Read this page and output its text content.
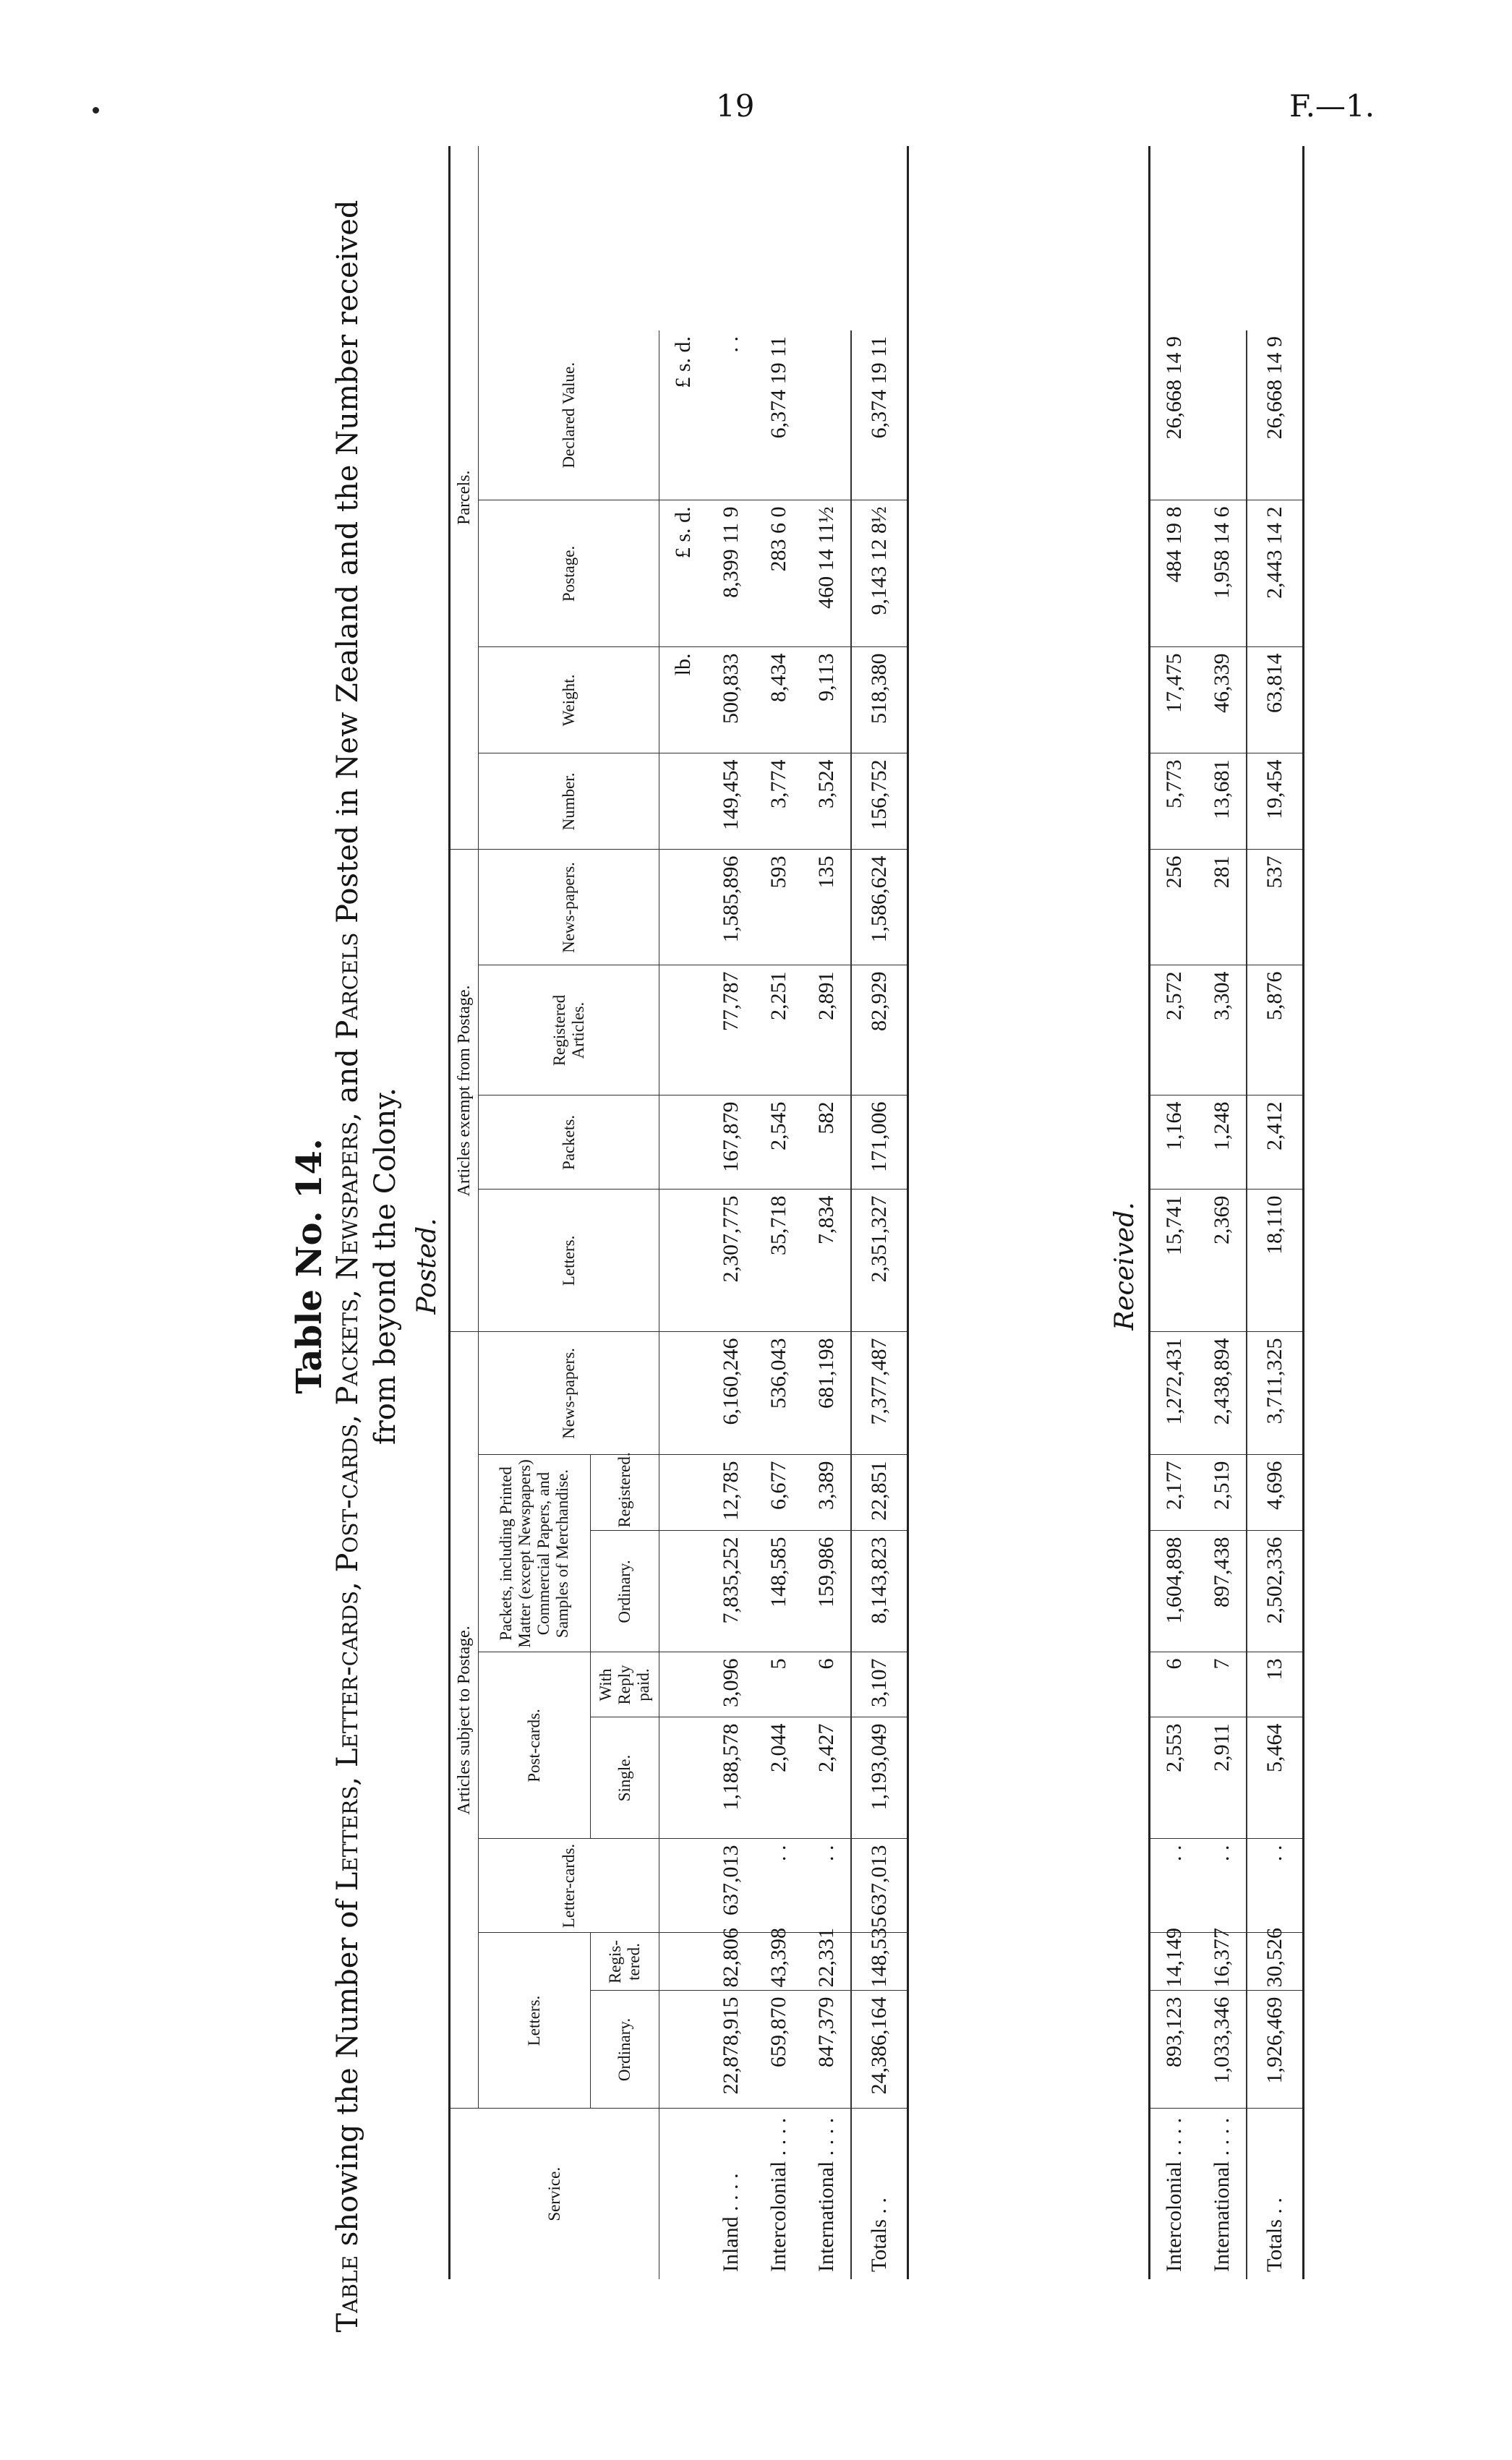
19	F.—1.
Table No. 14.
Table showing the Number of Letters, Letter-cards, Post-cards, Packets, Newspapers, and Parcels Posted in New Zealand and the Number received
from beyond the Colony. Posted.
Service.	Articles subject to Postage.								Articles exempt from Postage.				Parcels.			
	Letters.		Letter-cards.	Post-cards.		Packets, including Printed Matter (except Newspapers) Commercial Papers, and Samples of Merchandise.		News-papers.	Letters.	Packets.	Registered Articles.	News-papers.	Number.	Weight.	Postage.	Declared Value.
	Ordinary.	Regis-tered.		Single.	With Reply paid.	Ordinary.	Registered.									
														lb.	£ s. d.	£ s. d.
Inland . . . .	22,878,915	82,806	637,013	1,188,578	3,096	7,835,252	12,785	6,160,246	2,307,775	167,879	77,787	1,585,896	149,454	500,833	8,399 11 9	. .
Intercolonial . . . .	659,870	43,398	. .	2,044	5	148,585	6,677	536,043	35,718	2,545	2,251	593	3,774	8,434	283 6 0	6,374 19 11
International . . . .	847,379	22,331	. .	2,427	6	159,986	3,389	681,198	7,834	582	2,891	135	3,524	9,113	460 14 11½	
Totals . .	24,386,164	148,535	637,013	1,193,049	3,107	8,143,823	22,851	7,377,487	2,351,327	171,006	82,929	1,586,624	156,752	518,380	9,143 12 8½	6,374 19 11
Received.
Intercolonial . . . .	893,123	14,149	. .	2,553	6	1,604,898	2,177	1,272,431	15,741	1,164	2,572	256	5,773	17,475	484 19 8	26,668 14 9
International . . . .	1,033,346	16,377	. .	2,911	7	897,438	2,519	2,438,894	2,369	1,248	3,304	281	13,681	46,339	1,958 14 6	
Totals . .	1,926,469	30,526	. .	5,464	13	2,502,336	4,696	3,711,325	18,110	2,412	5,876	537	19,454	63,814	2,443 14 2	26,668 14 9
